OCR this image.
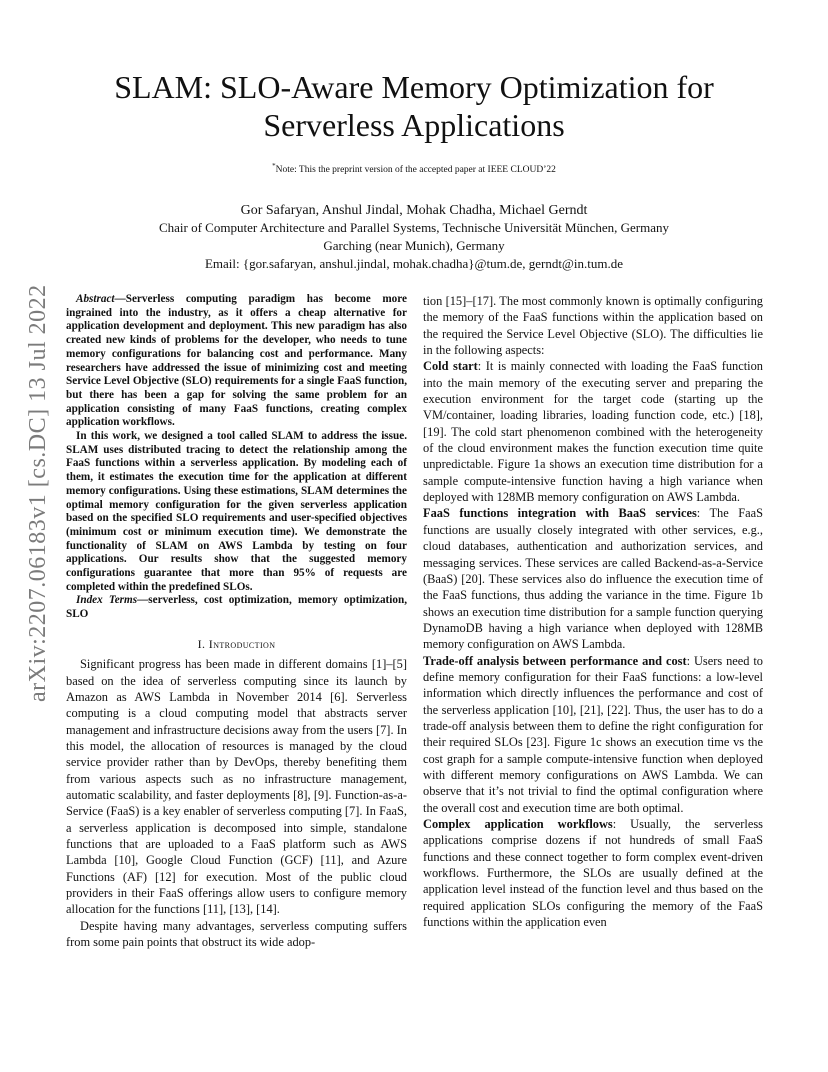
SLAM: SLO-Aware Memory Optimization for
Serverless Applications
*Note: This the preprint version of the accepted paper at IEEE CLOUD’22
Gor Safaryan, Anshul Jindal, Mohak Chadha, Michael Gerndt
Chair of Computer Architecture and Parallel Systems, Technische Universität München, Germany
Garching (near Munich), Germany
Email: {gor.safaryan, anshul.jindal, mohak.chadha}@tum.de, gerndt@in.tum.de
arXiv:2207.06183v1 [cs.DC] 13 Jul 2022	Abstract—Serverless computing paradigm has become more ingrained into the industry, as it offers a cheap alternative for application development and deployment. This new paradigm has also created new kinds of problems for the developer, who needs to tune memory configurations for balancing cost and performance. Many researchers have addressed the issue of minimizing cost and meeting Service Level Objective (SLO) requirements for a single FaaS function, but there has been a gap for solving the same problem for an application consisting of many FaaS functions, creating complex application workflows.

In this work, we designed a tool called SLAM to address the issue. SLAM uses distributed tracing to detect the relationship among the FaaS functions within a serverless application. By modeling each of them, it estimates the execution time for the application at different memory configurations. Using these estimations, SLAM determines the optimal memory configuration for the given serverless application based on the specified SLO requirements and user-specified objectives (minimum cost or minimum execution time). We demonstrate the functionality of SLAM on AWS Lambda by testing on four applications. Our results show that the suggested memory configurations guarantee that more than 95% of requests are completed within the predefined SLOs.

Index Terms—serverless, cost optimization, memory optimization, SLO

I. Introduction

Significant progress has been made in different domains [1]–[5] based on the idea of serverless computing since its launch by Amazon as AWS Lambda in November 2014 [6]. Serverless computing is a cloud computing model that abstracts server management and infrastructure decisions away from the users [7]. In this model, the allocation of resources is managed by the cloud service provider rather than by DevOps, thereby benefiting them from various aspects such as no infrastructure management, automatic scalability, and faster deployments [8], [9]. Function-as-a-Service (FaaS) is a key enabler of serverless computing [7]. In FaaS, a serverless application is decomposed into simple, standalone functions that are uploaded to a FaaS platform such as AWS Lambda [10], Google Cloud Function (GCF) [11], and Azure Functions (AF) [12] for execution. Most of the public cloud providers in their FaaS offerings allow users to configure memory allocation for the functions [11], [13], [14].

Despite having many advantages, serverless computing suffers from some pain points that obstruct its wide adop-

tion [15]–[17]. The most commonly known is optimally configuring the memory of the FaaS functions within the application based on the required the Service Level Objective (SLO). The difficulties lie in the following aspects:

Cold start: It is mainly connected with loading the FaaS function into the main memory of the executing server and preparing the execution environment for the target code (starting up the VM/container, loading libraries, loading function code, etc.) [18], [19]. The cold start phenomenon combined with the heterogeneity of the cloud environment makes the function execution time quite unpredictable. Figure 1a shows an execution time distribution for a sample compute-intensive function having a high variance when deployed with 128MB memory configuration on AWS Lambda.

FaaS functions integration with BaaS services: The FaaS functions are usually closely integrated with other services, e.g., cloud databases, authentication and authorization services, and messaging services. These services are called Backend-as-a-Service (BaaS) [20]. These services also do influence the execution time of the FaaS functions, thus adding the variance in the time. Figure 1b shows an execution time distribution for a sample function querying DynamoDB having a high variance when deployed with 128MB memory configuration on AWS Lambda.

Trade-off analysis between performance and cost: Users need to define memory configuration for their FaaS functions: a low-level information which directly influences the performance and cost of the serverless application [10], [21], [22]. Thus, the user has to do a trade-off analysis between them to define the right configuration for their required SLOs [23]. Figure 1c shows an execution time vs the cost graph for a sample compute-intensive function when deployed with different memory configurations on AWS Lambda. We can observe that it’s not trivial to find the optimal configuration where the overall cost and execution time are both optimal.

Complex application workflows: Usually, the serverless applications comprise dozens if not hundreds of small FaaS functions and these connect together to form complex event-driven workflows. Furthermore, the SLOs are usually defined at the application level instead of the function level and thus based on the required application SLOs configuring the memory of the FaaS functions within the application even
